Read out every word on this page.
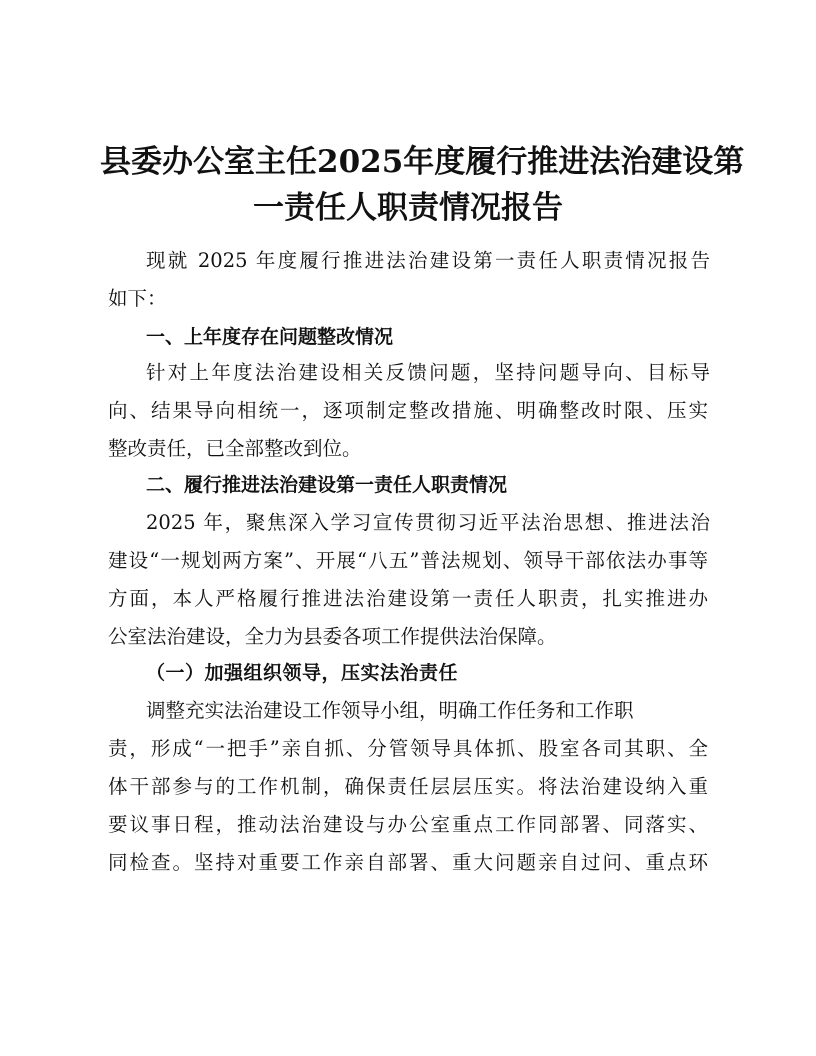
县委办公室主任2025年度履行推进法治建设第
一责任人职责情况报告
现就 2025 年度履行推进法治建设第一责任人职责情况报告
如下：
一、上年度存在问题整改情况
针对上年度法治建设相关反馈问题，坚持问题导向、目标导
向、结果导向相统一，逐项制定整改措施、明确整改时限、压实
整改责任，已全部整改到位。
二、履行推进法治建设第一责任人职责情况
2025 年，聚焦深入学习宣传贯彻习近平法治思想、推进法治
建设“一规划两方案”、开展“八五”普法规划、领导干部依法办事等
方面，本人严格履行推进法治建设第一责任人职责，扎实推进办
公室法治建设，全力为县委各项工作提供法治保障。
（一）加强组织领导，压实法治责任
调整充实法治建设工作领导小组，明确工作任务和工作职
责，形成“一把手”亲自抓、分管领导具体抓、股室各司其职、全
体干部参与的工作机制，确保责任层层压实。将法治建设纳入重
要议事日程，推动法治建设与办公室重点工作同部署、同落实、
同检查。坚持对重要工作亲自部署、重大问题亲自过问、重点环
